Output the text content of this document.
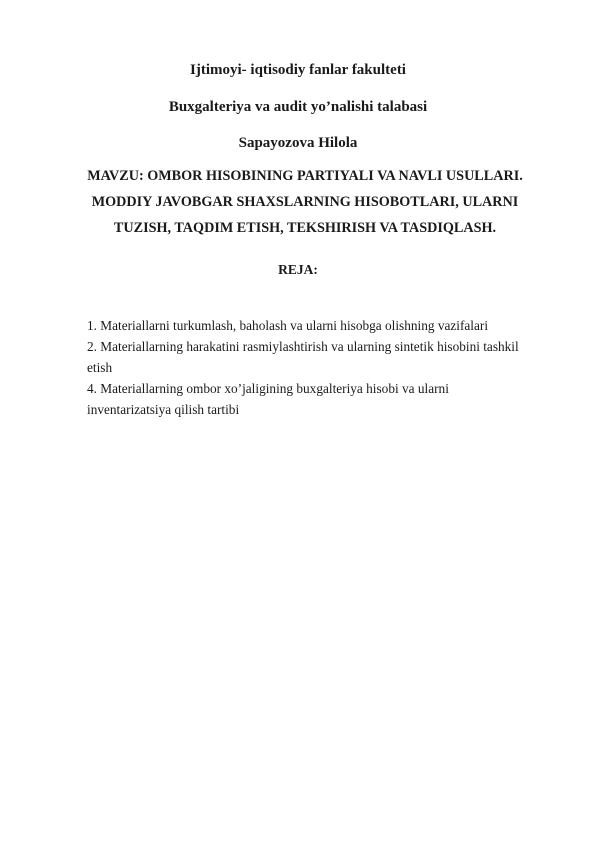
Ijtimoyi- iqtisodiy fanlar fakulteti
Buxgalteriya va audit yo’nalishi talabasi
Sapayozova Hilola
MAVZU: OMBOR HISOBINING PARTIYALI VA NAVLI USULLARI.
MODDIY JAVOBGAR SHAXSLARNING HISOBOTLARI, ULARNI
TUZISH, TAQDIM ETISH, TEKSHIRISH VA TASDIQLASH.
REJA:
1. Materiallarni turkumlash, baholash va ularni hisobga olishning vazifalari
2. Materiallarning harakatini rasmiylashtirish va ularning sintetik hisobini tashkil
etish
4. Materiallarning ombor xo’jaligining buxgalteriya hisobi va ularni
inventarizatsiya qilish tartibi
